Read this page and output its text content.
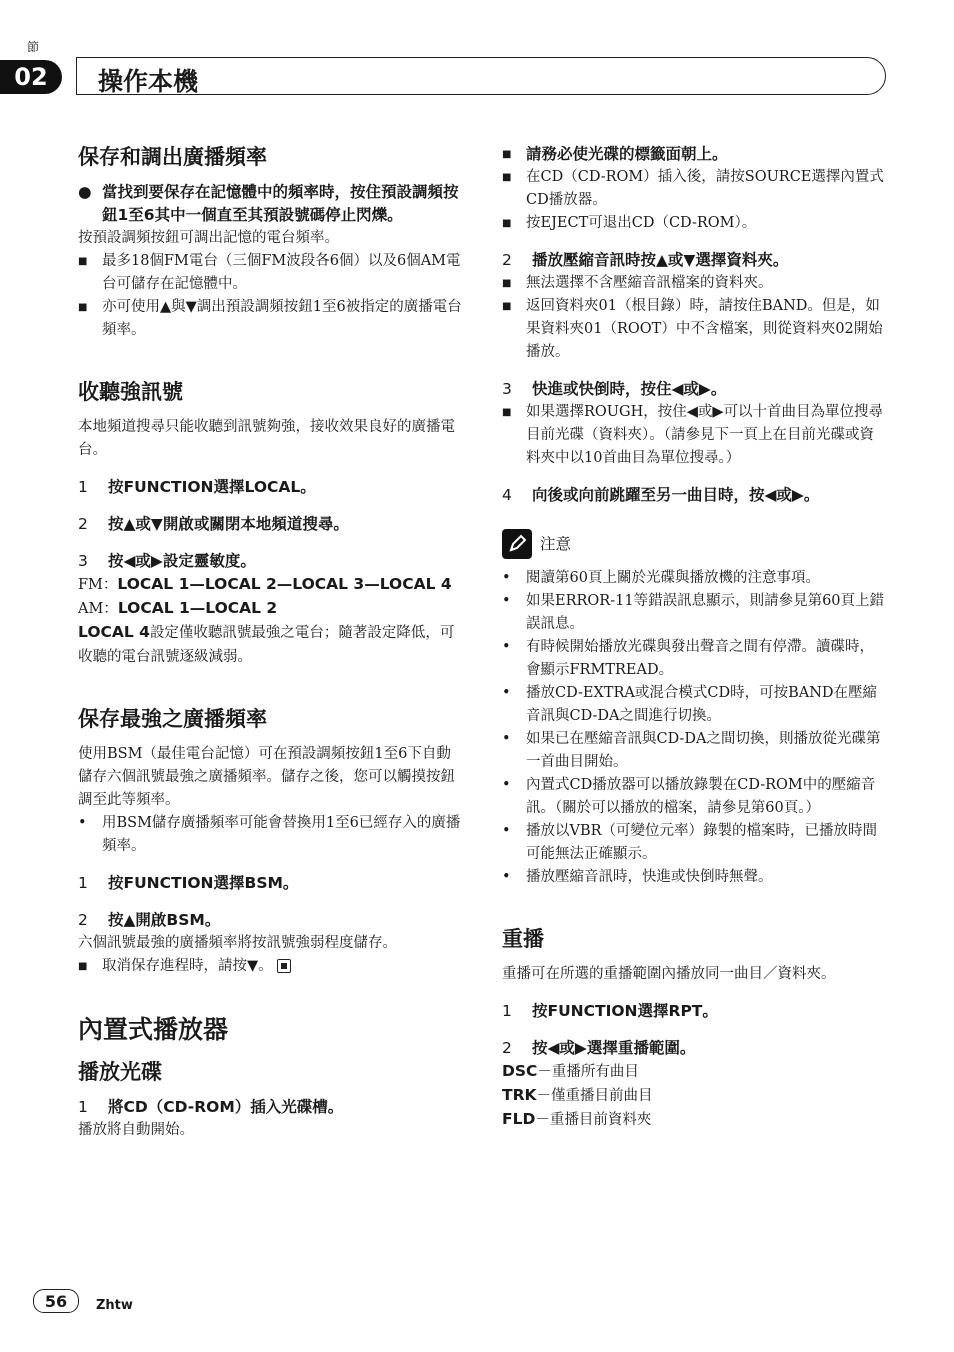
節
02	操作本機
保存和調出廣播頻率
● 當找到要保存在記憶體中的頻率時，按住預設調頻按鈕1至6其中一個直至其預設號碼停止閃爍。

按預設調頻按鈕可調出記憶的電台頻率。

■	最多18個FM電台（三個FM波段各6個）以及6個AM電台可儲存在記憶體中。
■	亦可使用▲與▼調出預設調頻按鈕1至6被指定的廣播電台頻率。
收聽強訊號

本地頻道搜尋只能收聽到訊號夠強，接收效果良好的廣播電台。

1	按FUNCTION選擇LOCAL。
2	按▲或▼開啟或關閉本地頻道搜尋。
3	按◀或▶設定靈敏度。

FM：LOCAL 1—LOCAL 2—LOCAL 3—LOCAL 4

AM：LOCAL 1—LOCAL 2

LOCAL 4設定僅收聽訊號最強之電台；隨著設定降低，可收聽的電台訊號逐級減弱。

保存最強之廣播頻率

使用BSM（最佳電台記憶）可在預設調頻按鈕1至6下自動儲存六個訊號最強之廣播頻率。儲存之後，您可以觸摸按鈕調至此等頻率。

•	用BSM儲存廣播頻率可能會替換用1至6已經存入的廣播頻率。
1	按FUNCTION選擇BSM。
2	按▲開啟BSM。

六個訊號最強的廣播頻率將按訊號強弱程度儲存。

■	取消保存進程時，請按▼。
內置式播放器
播放光碟
1	將CD（CD-ROM）插入光碟槽。

播放將自動開始。

■ 請務必使光碟的標籤面朝上。
■	在CD（CD-ROM）插入後，請按SOURCE選擇內置式CD播放器。
■	按EJECT可退出CD（CD-ROM）。
2	播放壓縮音訊時按▲或▼選擇資料夾。
■	無法選擇不含壓縮音訊檔案的資料夾。
■	返回資料夾01（根目錄）時，請按住BAND。但是，如果資料夾01（ROOT）中不含檔案，則從資料夾02開始播放。
3	快進或快倒時，按住◀或▶。
■	如果選擇ROUGH，按住◀或▶可以十首曲目為單位搜尋目前光碟（資料夾）。（請參見下一頁上在目前光碟或資料夾中以10首曲目為單位搜尋。）
4	向後或向前跳躍至另一曲目時，按◀或▶。
注意
•	閱讀第60頁上關於光碟與播放機的注意事項。
•	如果ERROR-11等錯誤訊息顯示，則請參見第60頁上錯誤訊息。
•	有時候開始播放光碟與發出聲音之間有停滯。讀碟時，會顯示FRMTREAD。
•	播放CD-EXTRA或混合模式CD時，可按BAND在壓縮音訊與CD-DA之間進行切換。
•	如果已在壓縮音訊與CD-DA之間切換，則播放從光碟第一首曲目開始。
•	內置式CD播放器可以播放錄製在CD-ROM中的壓縮音訊。（關於可以播放的檔案，請參見第60頁。）
•	播放以VBR（可變位元率）錄製的檔案時，已播放時間可能無法正確顯示。
•	播放壓縮音訊時，快進或快倒時無聲。
重播

重播可在所選的重播範圍內播放同一曲目／資料夾。

1	按FUNCTION選擇RPT。
2	按◀或▶選擇重播範圍。

DSC－重播所有曲目

TRK－僅重播目前曲目

FLD－重播目前資料夾

56	Zhtw
